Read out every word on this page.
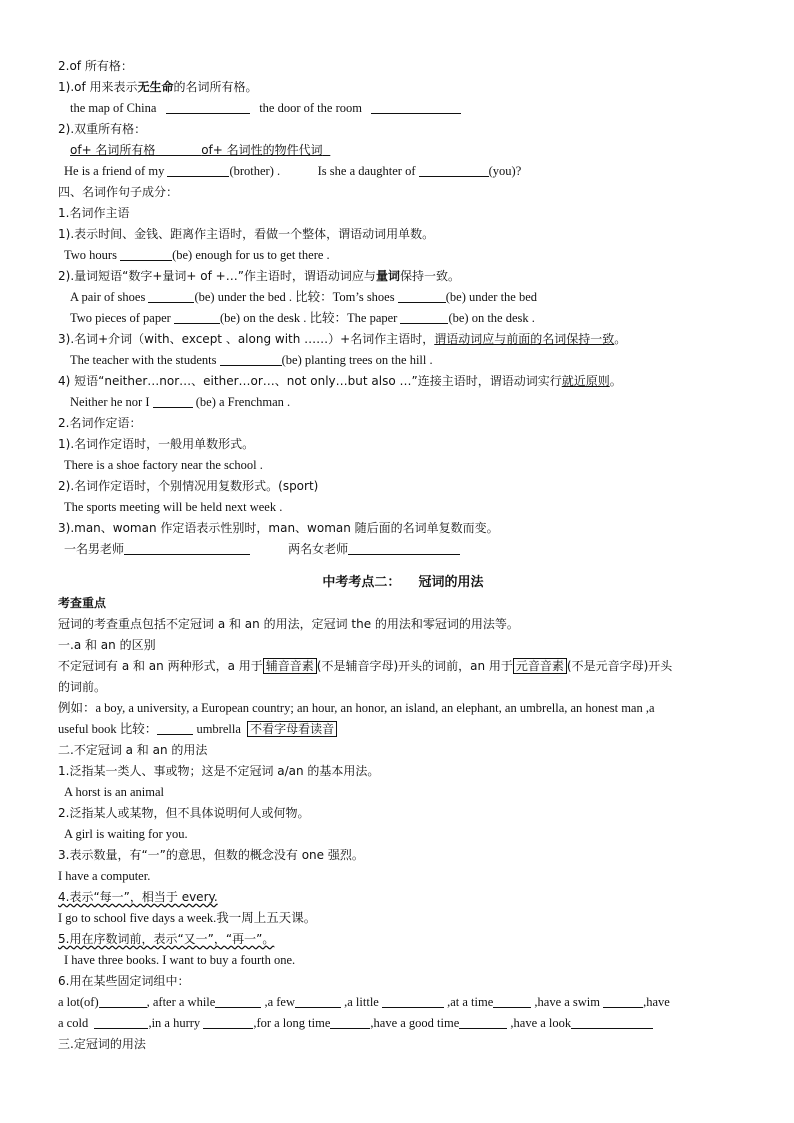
2.of 所有格：
1).of 用来表示无生命的名词所有格。
the map of China	the door of the room
2).双重所有格：
of+ 名词所有格	of+ 名词性的物件代词
He is a friend of my	(brother) .	Is she a daughter of	(you)?
四、名词作句子成分：
1.名词作主语
1).表示时间、金钱、距离作主语时，看做一个整体，谓语动词用单数。
Two hours	(be) enough for us to get there .
2).量词短语“数字+量词+ of +…”作主语时，谓语动词应与量词保持一致。
A pair of shoes	(be) under the bed . 比较：Tom’s shoes	(be) under the bed
Two pieces of paper	(be) on the desk . 比较：The paper	(be) on the desk .
3).名词+介词（with、except 、along with ……）+名词作主语时，谓语动词应与前面的名词保持一致。
The teacher with the students	(be) planting trees on the hill .
4) 短语“neither…nor…、either…or…、not only…but also …”连接主语时，谓语动词实行就近原则。
Neither he nor I	(be) a Frenchman .
2.名词作定语：
1).名词作定语时，一般用单数形式。
There is a shoe factory near the school .
2).名词作定语时，个别情况用复数形式。(sport)
The sports meeting will be held next week .
3).man、woman 作定语表示性别时，man、woman 随后面的名词单复数而变。
一名男老师	两名女老师
中考考点二： 冠词的用法
考查重点
冠词的考查重点包括不定冠词 a 和 an 的用法，定冠词 the 的用法和零冠词的用法等。
一.a 和 an 的区别
不定冠词有 a 和 an 两种形式，a 用于 辅音音素 (不是辅音字母)开头的词前，an 用于 元音音素 (不是元音字母)开头
的词前。
例如：a boy, a university, a European country; an hour, an honor, an island, an elephant, an umbrella, an honest man ,a
useful book 比较：	umbrella 不看字母看读音
二.不定冠词 a 和 an 的用法
1.泛指某一类人、事或物；这是不定冠词 a/an 的基本用法。
A horst is an animal
2.泛指某人或某物，但不具体说明何人或何物。
A girl is waiting for you.
3.表示数量，有“一”的意思，但数的概念没有 one 强烈。
I have a computer.
4.表示“每一”，相当于 every.
I go to school five days a week.我一周上五天课。
5.用在序数词前，表示“又一”，“再一”。
I have three books. I want to buy a fourth one.
6.用在某些固定词组中：
a lot(of)	, after a while	,a few	,a little	,at a time	,have a swim	,have
a cold	,in a hurry	,for a long time	,have a good time	,have a look
三.定冠词的用法
